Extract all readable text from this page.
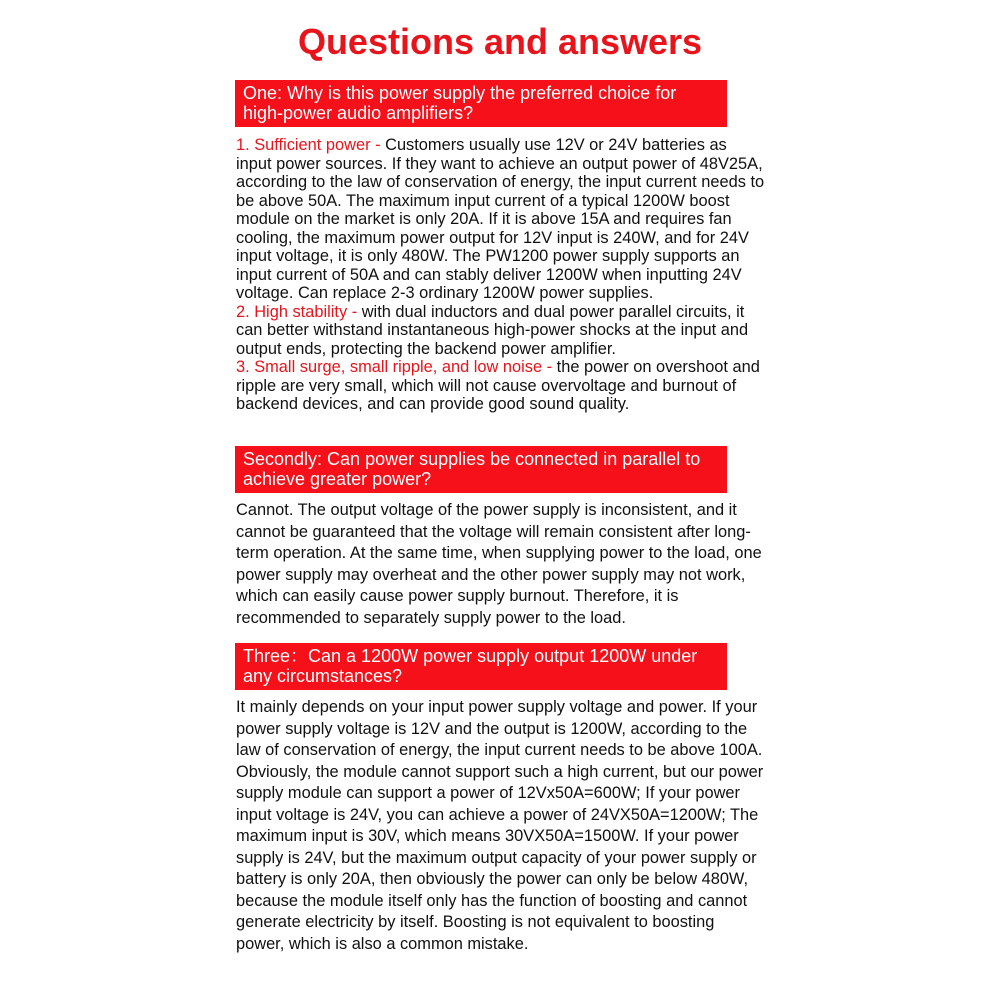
Questions and answers
One: Why is this power supply the preferred choice for high-power audio amplifiers?

1. Sufficient power - Customers usually use 12V or 24V batteries as input power sources. If they want to achieve an output power of 48V25A, according to the law of conservation of energy, the input current needs to be above 50A. The maximum input current of a typical 1200W boost module on the market is only 20A. If it is above 15A and requires fan cooling, the maximum power output for 12V input is 240W, and for 24V input voltage, it is only 480W. The PW1200 power supply supports an input current of 50A and can stably deliver 1200W when inputting 24V voltage. Can replace 2-3 ordinary 1200W power supplies.

2. High stability - with dual inductors and dual power parallel circuits, it can better withstand instantaneous high-power shocks at the input and output ends, protecting the backend power amplifier.

3. Small surge, small ripple, and low noise - the power on overshoot and ripple are very small, which will not cause overvoltage and burnout of backend devices, and can provide good sound quality.

Secondly: Can power supplies be connected in parallel to achieve greater power?

Cannot. The output voltage of the power supply is inconsistent, and it cannot be guaranteed that the voltage will remain consistent after long-term operation. At the same time, when supplying power to the load, one power supply may overheat and the other power supply may not work, which can easily cause power supply burnout. Therefore, it is recommended to separately supply power to the load.

Three：Can a 1200W power supply output 1200W under any circumstances?

It mainly depends on your input power supply voltage and power. If your power supply voltage is 12V and the output is 1200W, according to the law of conservation of energy, the input current needs to be above 100A. Obviously, the module cannot support such a high current, but our power supply module can support a power of 12Vx50A=600W; If your power input voltage is 24V, you can achieve a power of 24VX50A=1200W; The maximum input is 30V, which means 30VX50A=1500W. If your power supply is 24V, but the maximum output capacity of your power supply or battery is only 20A, then obviously the power can only be below 480W, because the module itself only has the function of boosting and cannot generate electricity by itself. Boosting is not equivalent to boosting power, which is also a common mistake.
